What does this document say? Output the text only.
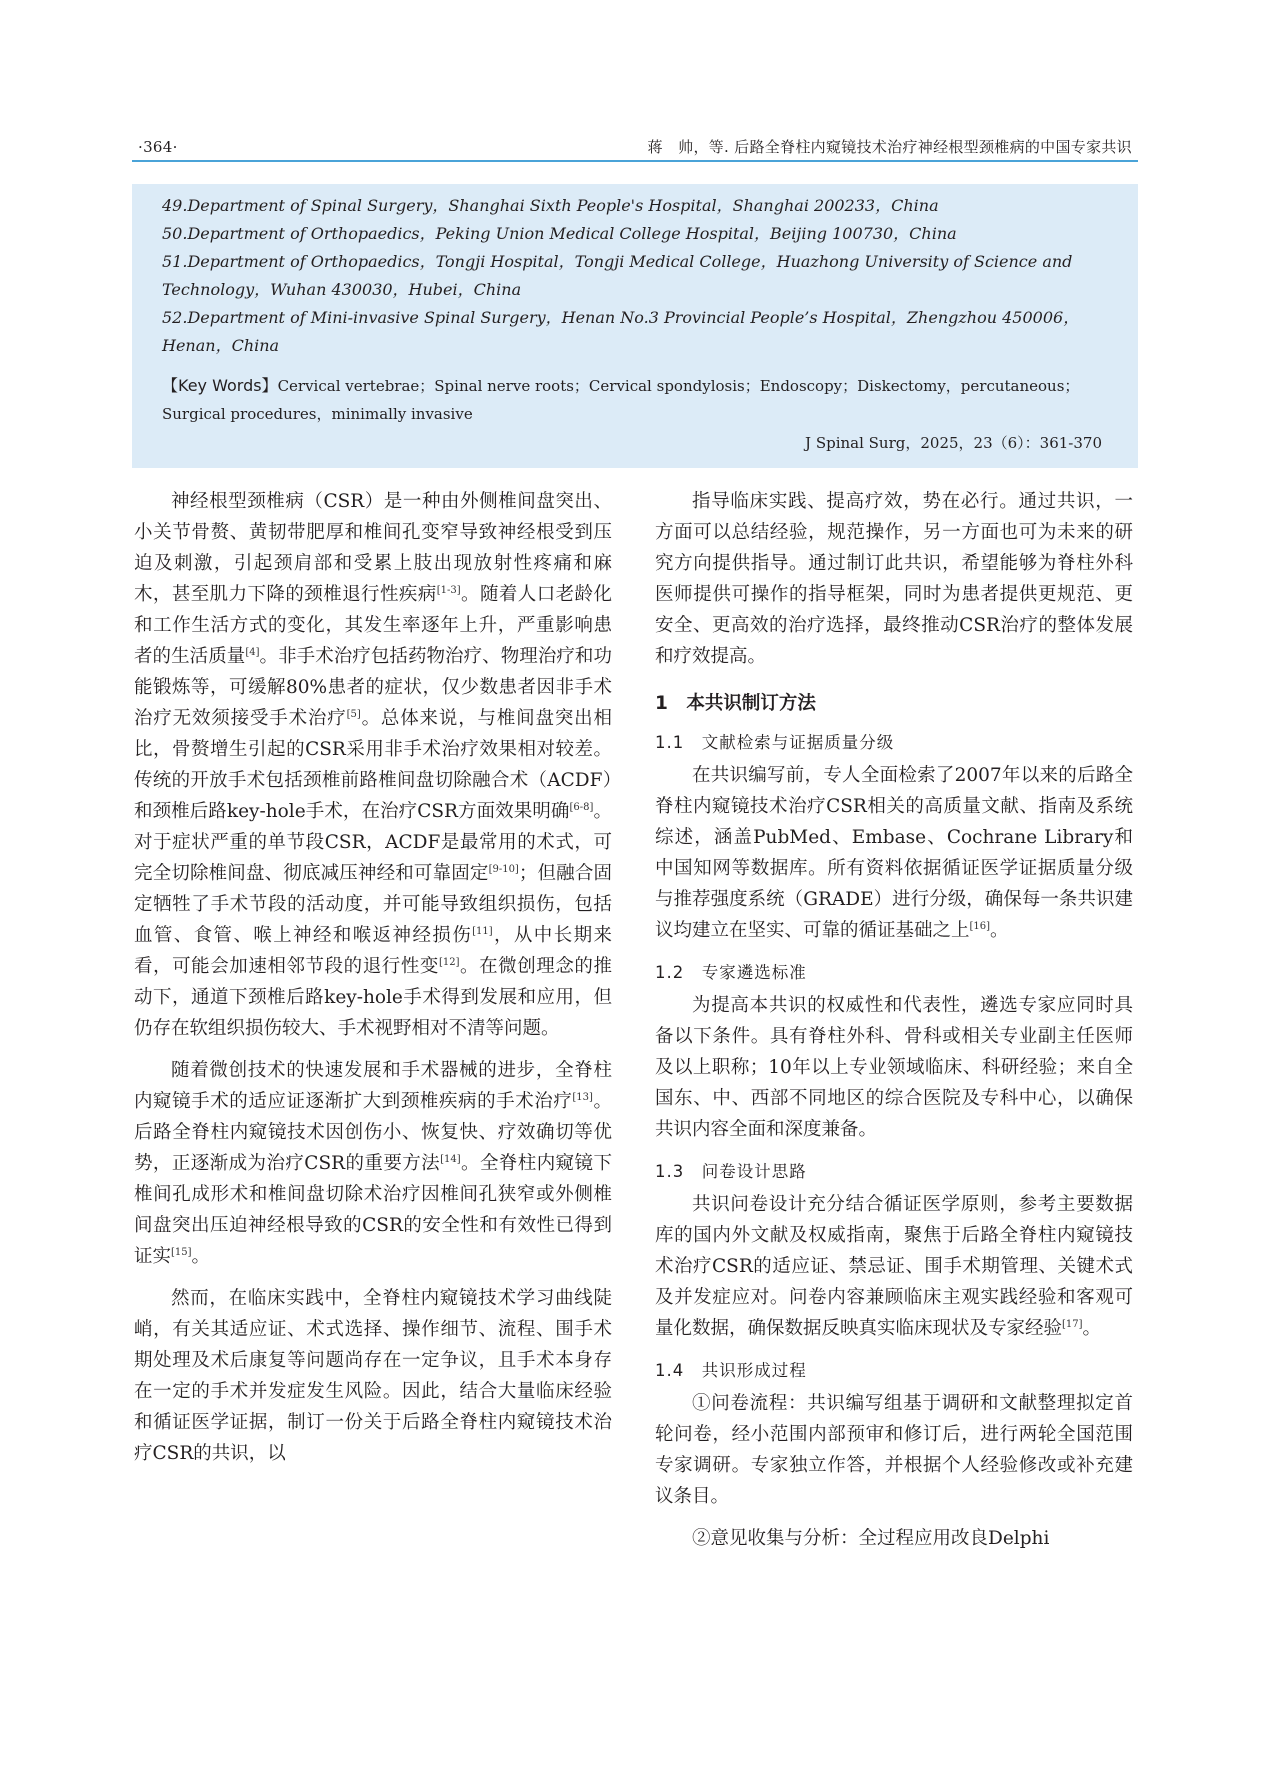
·364·	蒋　帅，等. 后路全脊柱内窥镜技术治疗神经根型颈椎病的中国专家共识
49.Department of Spinal Surgery，Shanghai Sixth People's Hospital，Shanghai 200233，China
50.Department of Orthopaedics，Peking Union Medical College Hospital，Beijing 100730，China
51.Department of Orthopaedics，Tongji Hospital，Tongji Medical College，Huazhong University of Science and Technology，Wuhan 430030，Hubei，China
52.Department of Mini-invasive Spinal Surgery，Henan No.3 Provincial People’s Hospital，Zhengzhou 450006，Henan，China
【Key Words】Cervical vertebrae；Spinal nerve roots；Cervical spondylosis；Endoscopy；Diskectomy，percutaneous；Surgical procedures，minimally invasive
J Spinal Surg，2025，23（6）：361-370

神经根型颈椎病（CSR）是一种由外侧椎间盘突出、小关节骨赘、黄韧带肥厚和椎间孔变窄导致神经根受到压迫及刺激，引起颈肩部和受累上肢出现放射性疼痛和麻木，甚至肌力下降的颈椎退行性疾病[1-3]。随着人口老龄化和工作生活方式的变化，其发生率逐年上升，严重影响患者的生活质量[4]。非手术治疗包括药物治疗、物理治疗和功能锻炼等，可缓解80%患者的症状，仅少数患者因非手术治疗无效须接受手术治疗[5]。总体来说，与椎间盘突出相比，骨赘增生引起的CSR采用非手术治疗效果相对较差。传统的开放手术包括颈椎前路椎间盘切除融合术（ACDF）和颈椎后路key-hole手术，在治疗CSR方面效果明确[6-8]。对于症状严重的单节段CSR，ACDF是最常用的术式，可完全切除椎间盘、彻底减压神经和可靠固定[9-10]；但融合固定牺牲了手术节段的活动度，并可能导致组织损伤，包括血管、食管、喉上神经和喉返神经损伤[11]，从中长期来看，可能会加速相邻节段的退行性变[12]。在微创理念的推动下，通道下颈椎后路key-hole手术得到发展和应用，但仍存在软组织损伤较大、手术视野相对不清等问题。

随着微创技术的快速发展和手术器械的进步，全脊柱内窥镜手术的适应证逐渐扩大到颈椎疾病的手术治疗[13]。后路全脊柱内窥镜技术因创伤小、恢复快、疗效确切等优势，正逐渐成为治疗CSR的重要方法[14]。全脊柱内窥镜下椎间孔成形术和椎间盘切除术治疗因椎间孔狭窄或外侧椎间盘突出压迫神经根导致的CSR的安全性和有效性已得到证实[15]。

然而，在临床实践中，全脊柱内窥镜技术学习曲线陡峭，有关其适应证、术式选择、操作细节、流程、围手术期处理及术后康复等问题尚存在一定争议，且手术本身存在一定的手术并发症发生风险。因此，结合大量临床经验和循证医学证据，制订一份关于后路全脊柱内窥镜技术治疗CSR的共识，以

指导临床实践、提高疗效，势在必行。通过共识，一方面可以总结经验，规范操作，另一方面也可为未来的研究方向提供指导。通过制订此共识，希望能够为脊柱外科医师提供可操作的指导框架，同时为患者提供更规范、更安全、更高效的治疗选择，最终推动CSR治疗的整体发展和疗效提高。

1　本共识制订方法
1.1　文献检索与证据质量分级

在共识编写前，专人全面检索了2007年以来的后路全脊柱内窥镜技术治疗CSR相关的高质量文献、指南及系统综述，涵盖PubMed、Embase、Cochrane Library和中国知网等数据库。所有资料依据循证医学证据质量分级与推荐强度系统（GRADE）进行分级，确保每一条共识建议均建立在坚实、可靠的循证基础之上[16]。

1.2　专家遴选标准

为提高本共识的权威性和代表性，遴选专家应同时具备以下条件。具有脊柱外科、骨科或相关专业副主任医师及以上职称；10年以上专业领域临床、科研经验；来自全国东、中、西部不同地区的综合医院及专科中心，以确保共识内容全面和深度兼备。

1.3　问卷设计思路

共识问卷设计充分结合循证医学原则，参考主要数据库的国内外文献及权威指南，聚焦于后路全脊柱内窥镜技术治疗CSR的适应证、禁忌证、围手术期管理、关键术式及并发症应对。问卷内容兼顾临床主观实践经验和客观可量化数据，确保数据反映真实临床现状及专家经验[17]。

1.4　共识形成过程

①问卷流程：共识编写组基于调研和文献整理拟定首轮问卷，经小范围内部预审和修订后，进行两轮全国范围专家调研。专家独立作答，并根据个人经验修改或补充建议条目。

②意见收集与分析：全过程应用改良Delphi
